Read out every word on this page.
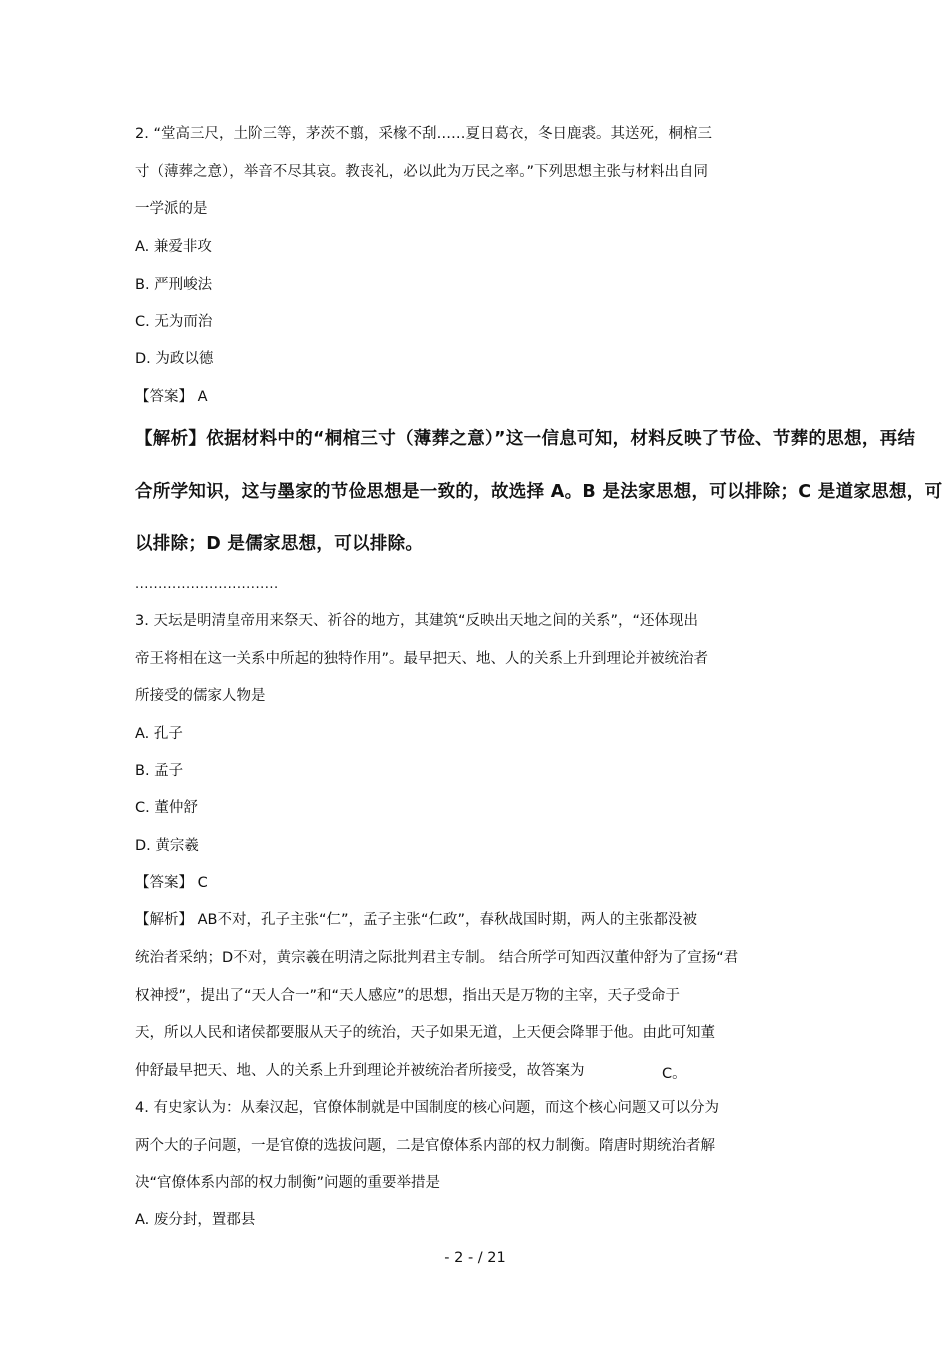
2. “堂高三尺，土阶三等，茅茨不翦，采椽不刮……夏日葛衣，冬日鹿裘。其送死，桐棺三
寸（薄葬之意），举音不尽其哀。教丧礼，必以此为万民之率。”下列思想主张与材料出自同
一学派的是
A. 兼爱非攻
B. 严刑峻法
C. 无为而治
D. 为政以德
【答案】 A
【解析】依据材料中的“桐棺三寸（薄葬之意）”这一信息可知，材料反映了节俭、节葬的思想，再结
合所学知识，这与墨家的节俭思想是一致的，故选择 A。B 是法家思想，可以排除；C 是道家思想，可
以排除；D 是儒家思想，可以排除。
...............................
3. 天坛是明清皇帝用来祭天、祈谷的地方，其建筑“反映出天地之间的关系”，“还体现出
帝王将相在这一关系中所起的独特作用”。最早把天、地、人的关系上升到理论并被统治者
所接受的儒家人物是
A. 孔子
B. 孟子
C. 董仲舒
D. 黄宗羲
【答案】 C
【解析】 AB不对，孔子主张“仁”，孟子主张“仁政”，春秋战国时期，两人的主张都没被
统治者采纳；D不对，黄宗羲在明清之际批判君主专制。 结合所学可知西汉董仲舒为了宣扬“君
权神授”，提出了“天人合一”和“天人感应”的思想，指出天是万物的主宰，天子受命于
天，所以人民和诸侯都要服从天子的统治，天子如果无道，上天便会降罪于他。由此可知董
仲舒最早把天、地、人的关系上升到理论并被统治者所接受，故答案为	C。
4. 有史家认为：从秦汉起，官僚体制就是中国制度的核心问题，而这个核心问题又可以分为
两个大的子问题，一是官僚的选拔问题，二是官僚体系内部的权力制衡。隋唐时期统治者解
决“官僚体系内部的权力制衡”问题的重要举措是
A. 废分封，置郡县
- 2 - / 21
